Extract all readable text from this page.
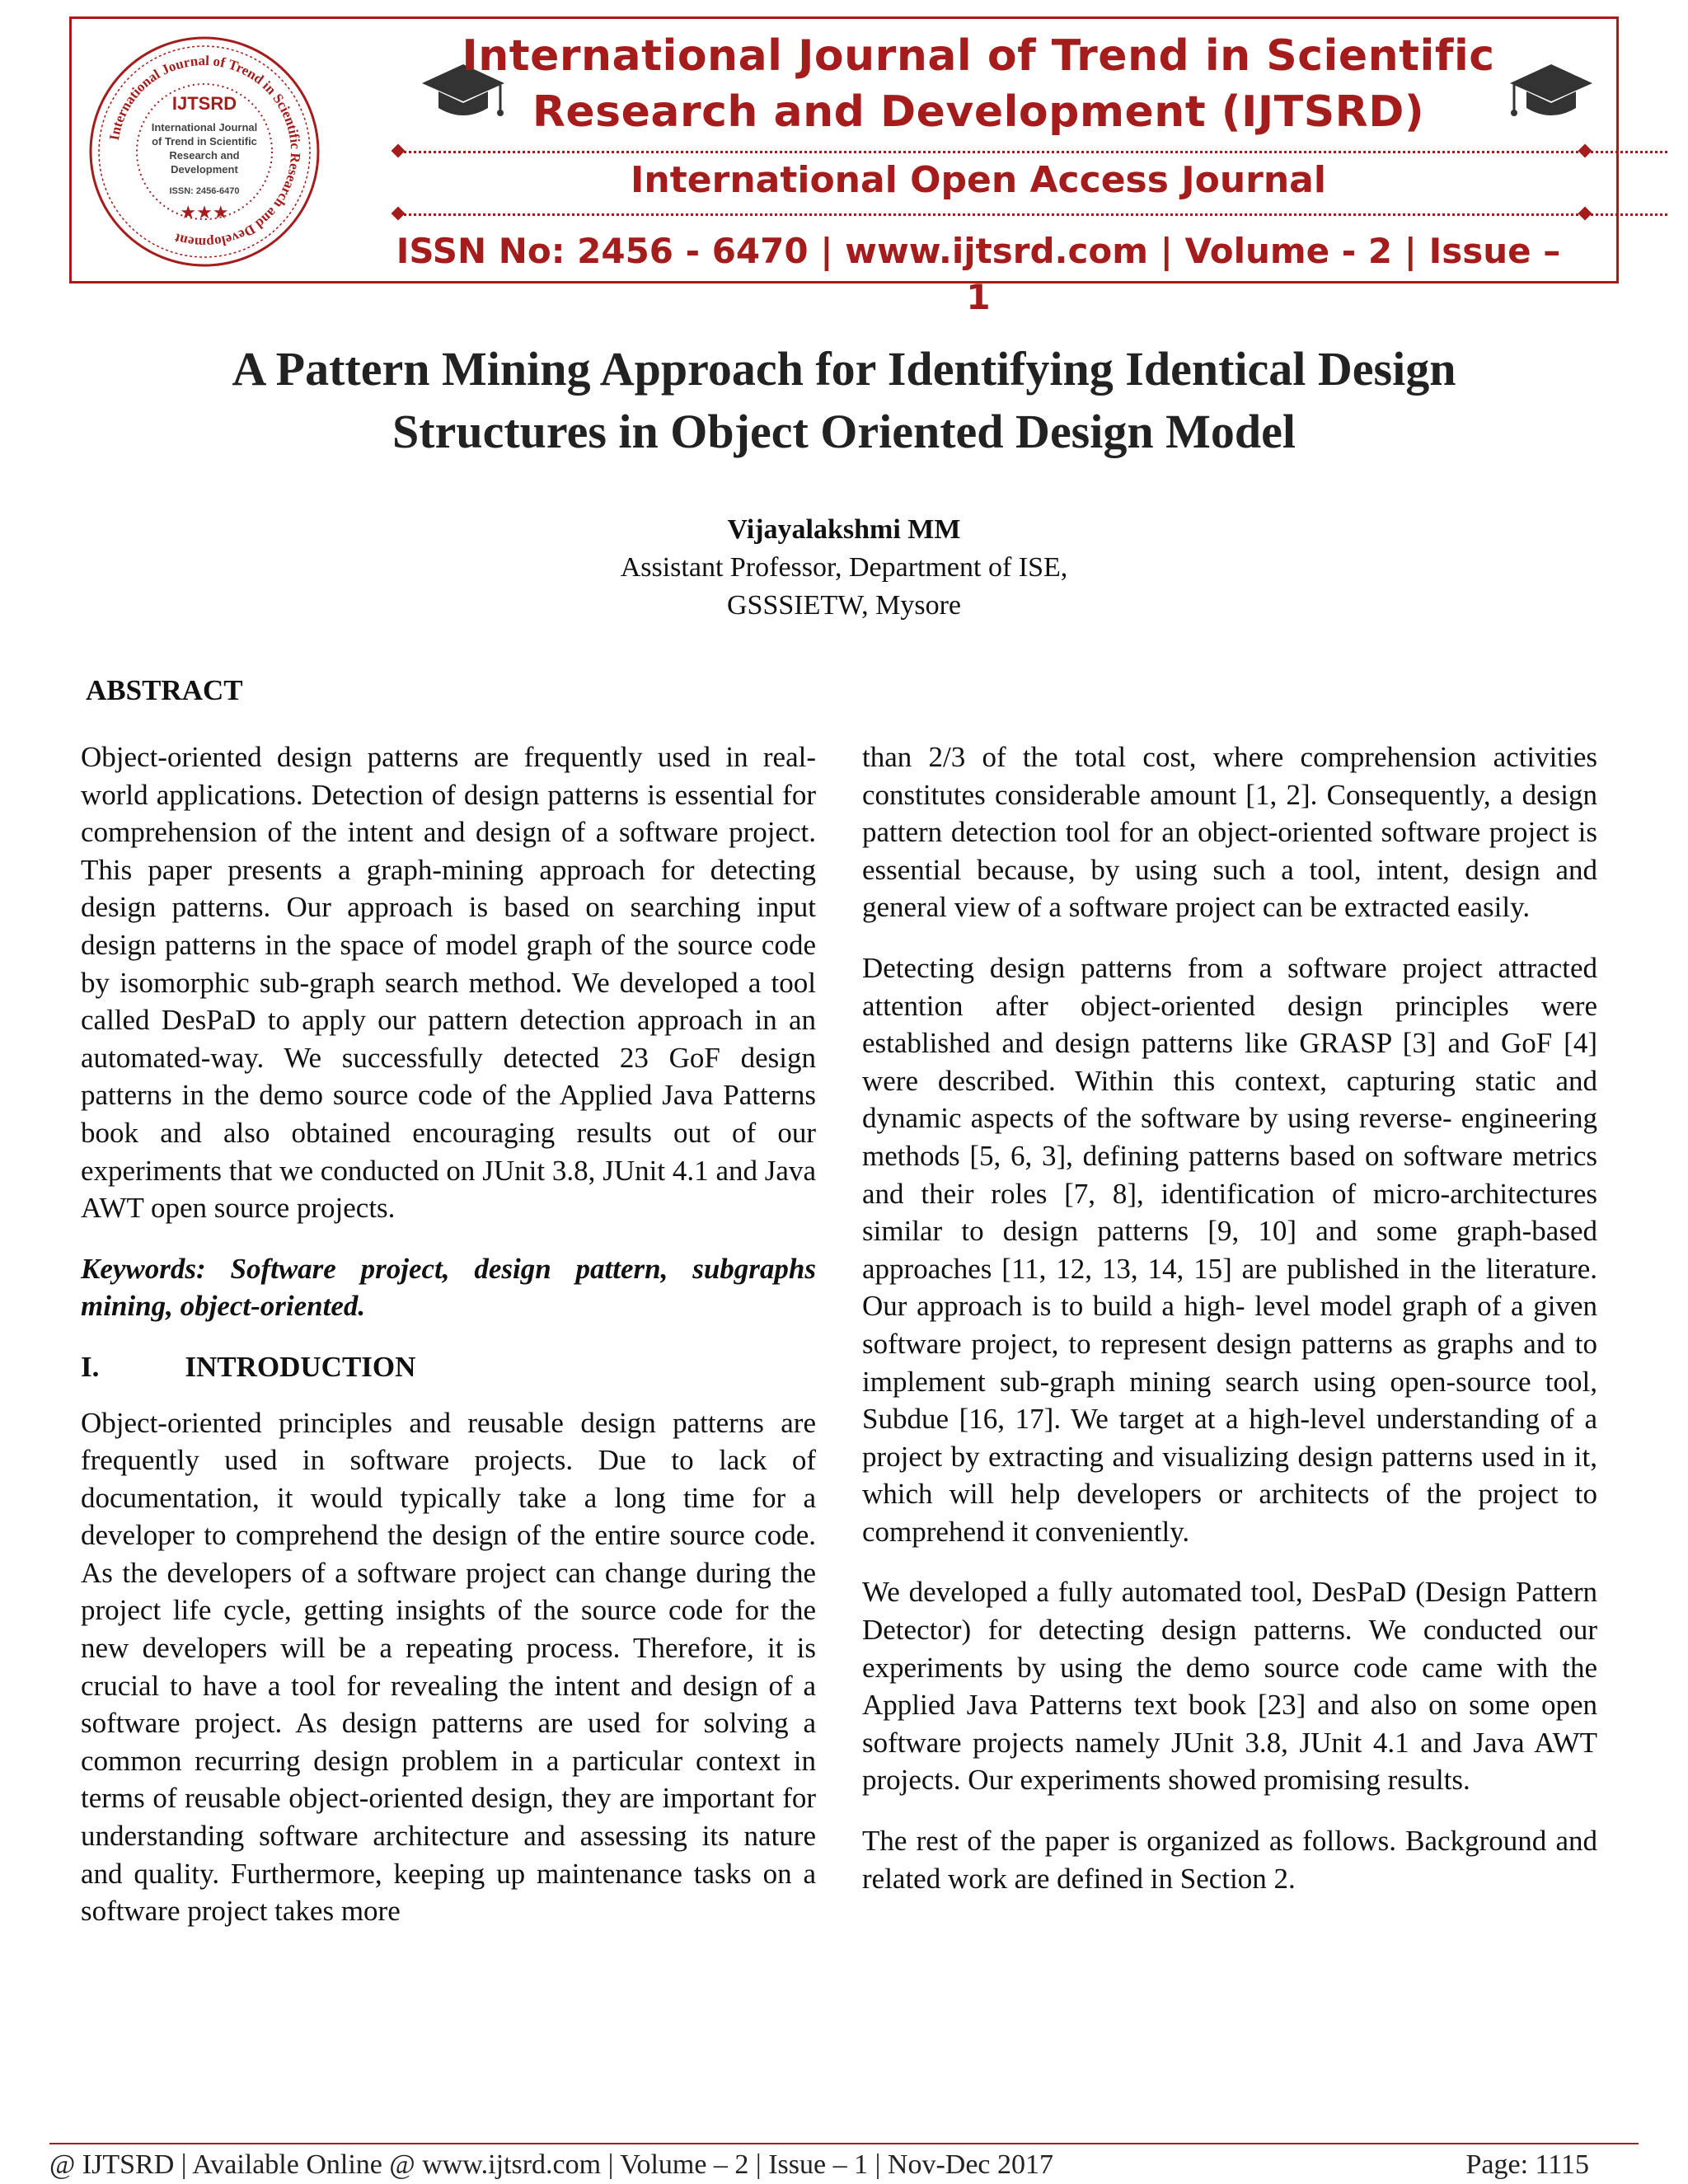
International Journal of Trend in Scientific Research and Development
IJTSRD
International Journal
of Trend in Scientific
Research and
Development
ISSN: 2456-6470
★★★
International Journal of Trend in Scientific
Research and Development (IJTSRD)
International Open Access Journal
ISSN No: 2456 - 6470 | www.ijtsrd.com | Volume - 2 | Issue – 1
A Pattern Mining Approach for Identifying Identical Design Structures in Object Oriented Design Model
Vijayalakshmi MM
Assistant Professor, Department of ISE,
GSSSIETW, Mysore
ABSTRACT

Object-oriented design patterns are frequently used in real-world applications. Detection of design patterns is essential for comprehension of the intent and design of a software project. This paper presents a graph-mining approach for detecting design patterns. Our approach is based on searching input design patterns in the space of model graph of the source code by isomorphic sub-graph search method. We developed a tool called DesPaD to apply our pattern detection approach in an automated-way. We successfully detected 23 GoF design patterns in the demo source code of the Applied Java Patterns book and also obtained encouraging results out of our experiments that we conducted on JUnit 3.8, JUnit 4.1 and Java AWT open source projects.

Keywords: Software project, design pattern, subgraphs mining, object-oriented.

I.	INTRODUCTION

Object-oriented principles and reusable design patterns are frequently used in software projects. Due to lack of documentation, it would typically take a long time for a developer to comprehend the design of the entire source code. As the developers of a software project can change during the project life cycle, getting insights of the source code for the new developers will be a repeating process. Therefore, it is crucial to have a tool for revealing the intent and design of a software project. As design patterns are used for solving a common recurring design problem in a particular context in terms of reusable object-oriented design, they are important for understanding software architecture and assessing its nature and quality. Furthermore, keeping up maintenance tasks on a software project takes more

than 2/3 of the total cost, where comprehension activities constitutes considerable amount [1, 2]. Consequently, a design pattern detection tool for an object-oriented software project is essential because, by using such a tool, intent, design and general view of a software project can be extracted easily.

Detecting design patterns from a software project attracted attention after object-oriented design principles were established and design patterns like GRASP [3] and GoF [4] were described. Within this context, capturing static and dynamic aspects of the software by using reverse- engineering methods [5, 6, 3], defining patterns based on software metrics and their roles [7, 8], identification of micro-architectures similar to design patterns [9, 10] and some graph-based approaches [11, 12, 13, 14, 15] are published in the literature. Our approach is to build a high- level model graph of a given software project, to represent design patterns as graphs and to implement sub-graph mining search using open-source tool, Subdue [16, 17]. We target at a high-level understanding of a project by extracting and visualizing design patterns used in it, which will help developers or architects of the project to comprehend it conveniently.

We developed a fully automated tool, DesPaD (Design Pattern Detector) for detecting design patterns. We conducted our experiments by using the demo source code came with the Applied Java Patterns text book [23] and also on some open software projects namely JUnit 3.8, JUnit 4.1 and Java AWT projects. Our experiments showed promising results.

The rest of the paper is organized as follows. Background and related work are defined in Section 2.

@ IJTSRD | Available Online @ www.ijtsrd.com | Volume – 2 | Issue – 1 | Nov-Dec 2017	Page: 1115
